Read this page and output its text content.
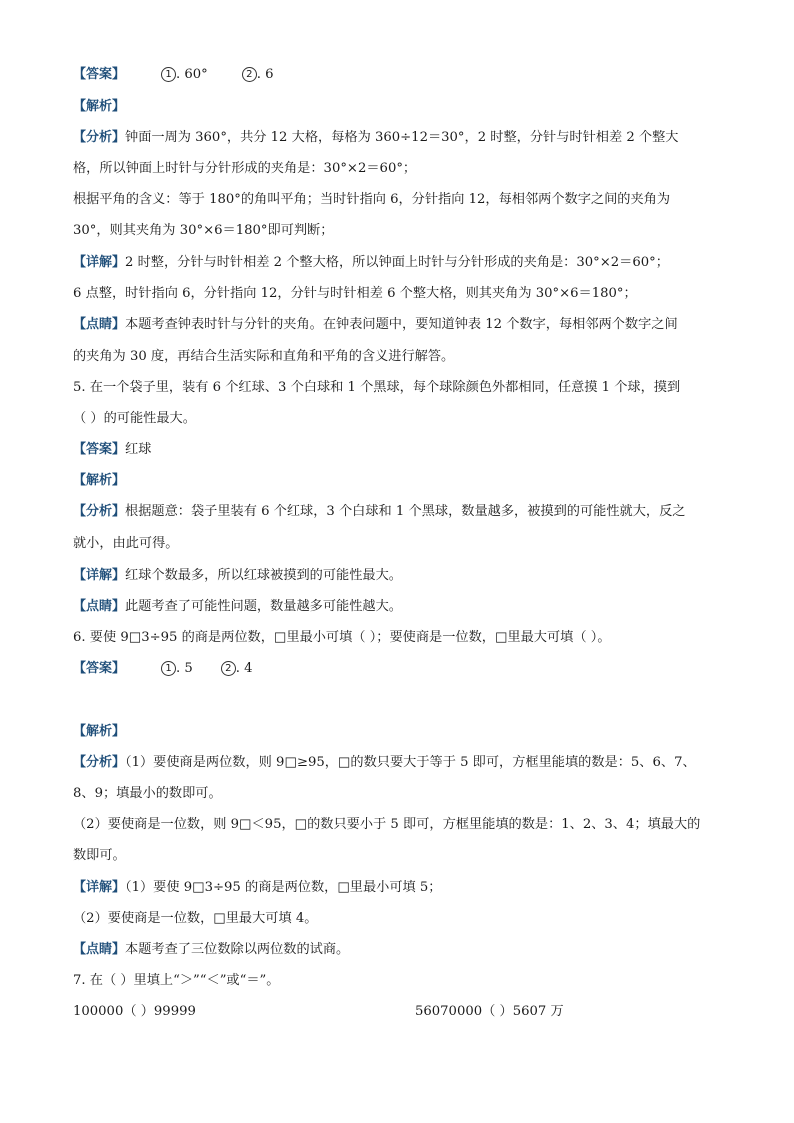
【答案】	1 . 60°	2 . 6
【解析】
【分析】钟面一周为 360°，共分 12 大格，每格为 360÷12＝30°，2 时整，分针与时针相差 2 个整大
格，所以钟面上时针与分针形成的夹角是：30°×2＝60°；
根据平角的含义：等于 180°的角叫平角；当时针指向 6，分针指向 12，每相邻两个数字之间的夹角为
30°，则其夹角为 30°×6＝180°即可判断；
【详解】2 时整，分针与时针相差 2 个整大格，所以钟面上时针与分针形成的夹角是：30°×2＝60°；
6 点整，时针指向 6，分针指向 12，分针与时针相差 6 个整大格，则其夹角为 30°×6＝180°；
【点睛】本题考查钟表时针与分针的夹角。在钟表问题中，要知道钟表 12 个数字，每相邻两个数字之间
的夹角为 30 度，再结合生活实际和直角和平角的含义进行解答。
5. 在一个袋子里，装有 6 个红球、3 个白球和 1 个黑球，每个球除颜色外都相同，任意摸 1 个球，摸到
（ ）的可能性最大。
【答案】红球
【解析】
【分析】根据题意：袋子里装有 6 个红球，3 个白球和 1 个黑球，数量越多，被摸到的可能性就大，反之
就小，由此可得。
【详解】红球个数最多，所以红球被摸到的可能性最大。
【点睛】此题考查了可能性问题，数量越多可能性越大。
6. 要使 9□3÷95 的商是两位数，□里最小可填（ ）；要使商是一位数，□里最大可填（ ）。
【答案】	1 . 5	2 . 4
【解析】
【分析】（1）要使商是两位数，则 9□≥95，□的数只要大于等于 5 即可，方框里能填的数是：5、6、7、
8、9；填最小的数即可。
（2）要使商是一位数，则 9□＜95，□的数只要小于 5 即可，方框里能填的数是：1、2、3、4；填最大的
数即可。
【详解】（1）要使 9□3÷95 的商是两位数，□里最小可填 5；
（2）要使商是一位数，□里最大可填 4。
【点睛】本题考查了三位数除以两位数的试商。
7. 在（ ）里填上“＞”“＜”或“＝”。
100000（ ）99999	56070000（ ）5607 万
